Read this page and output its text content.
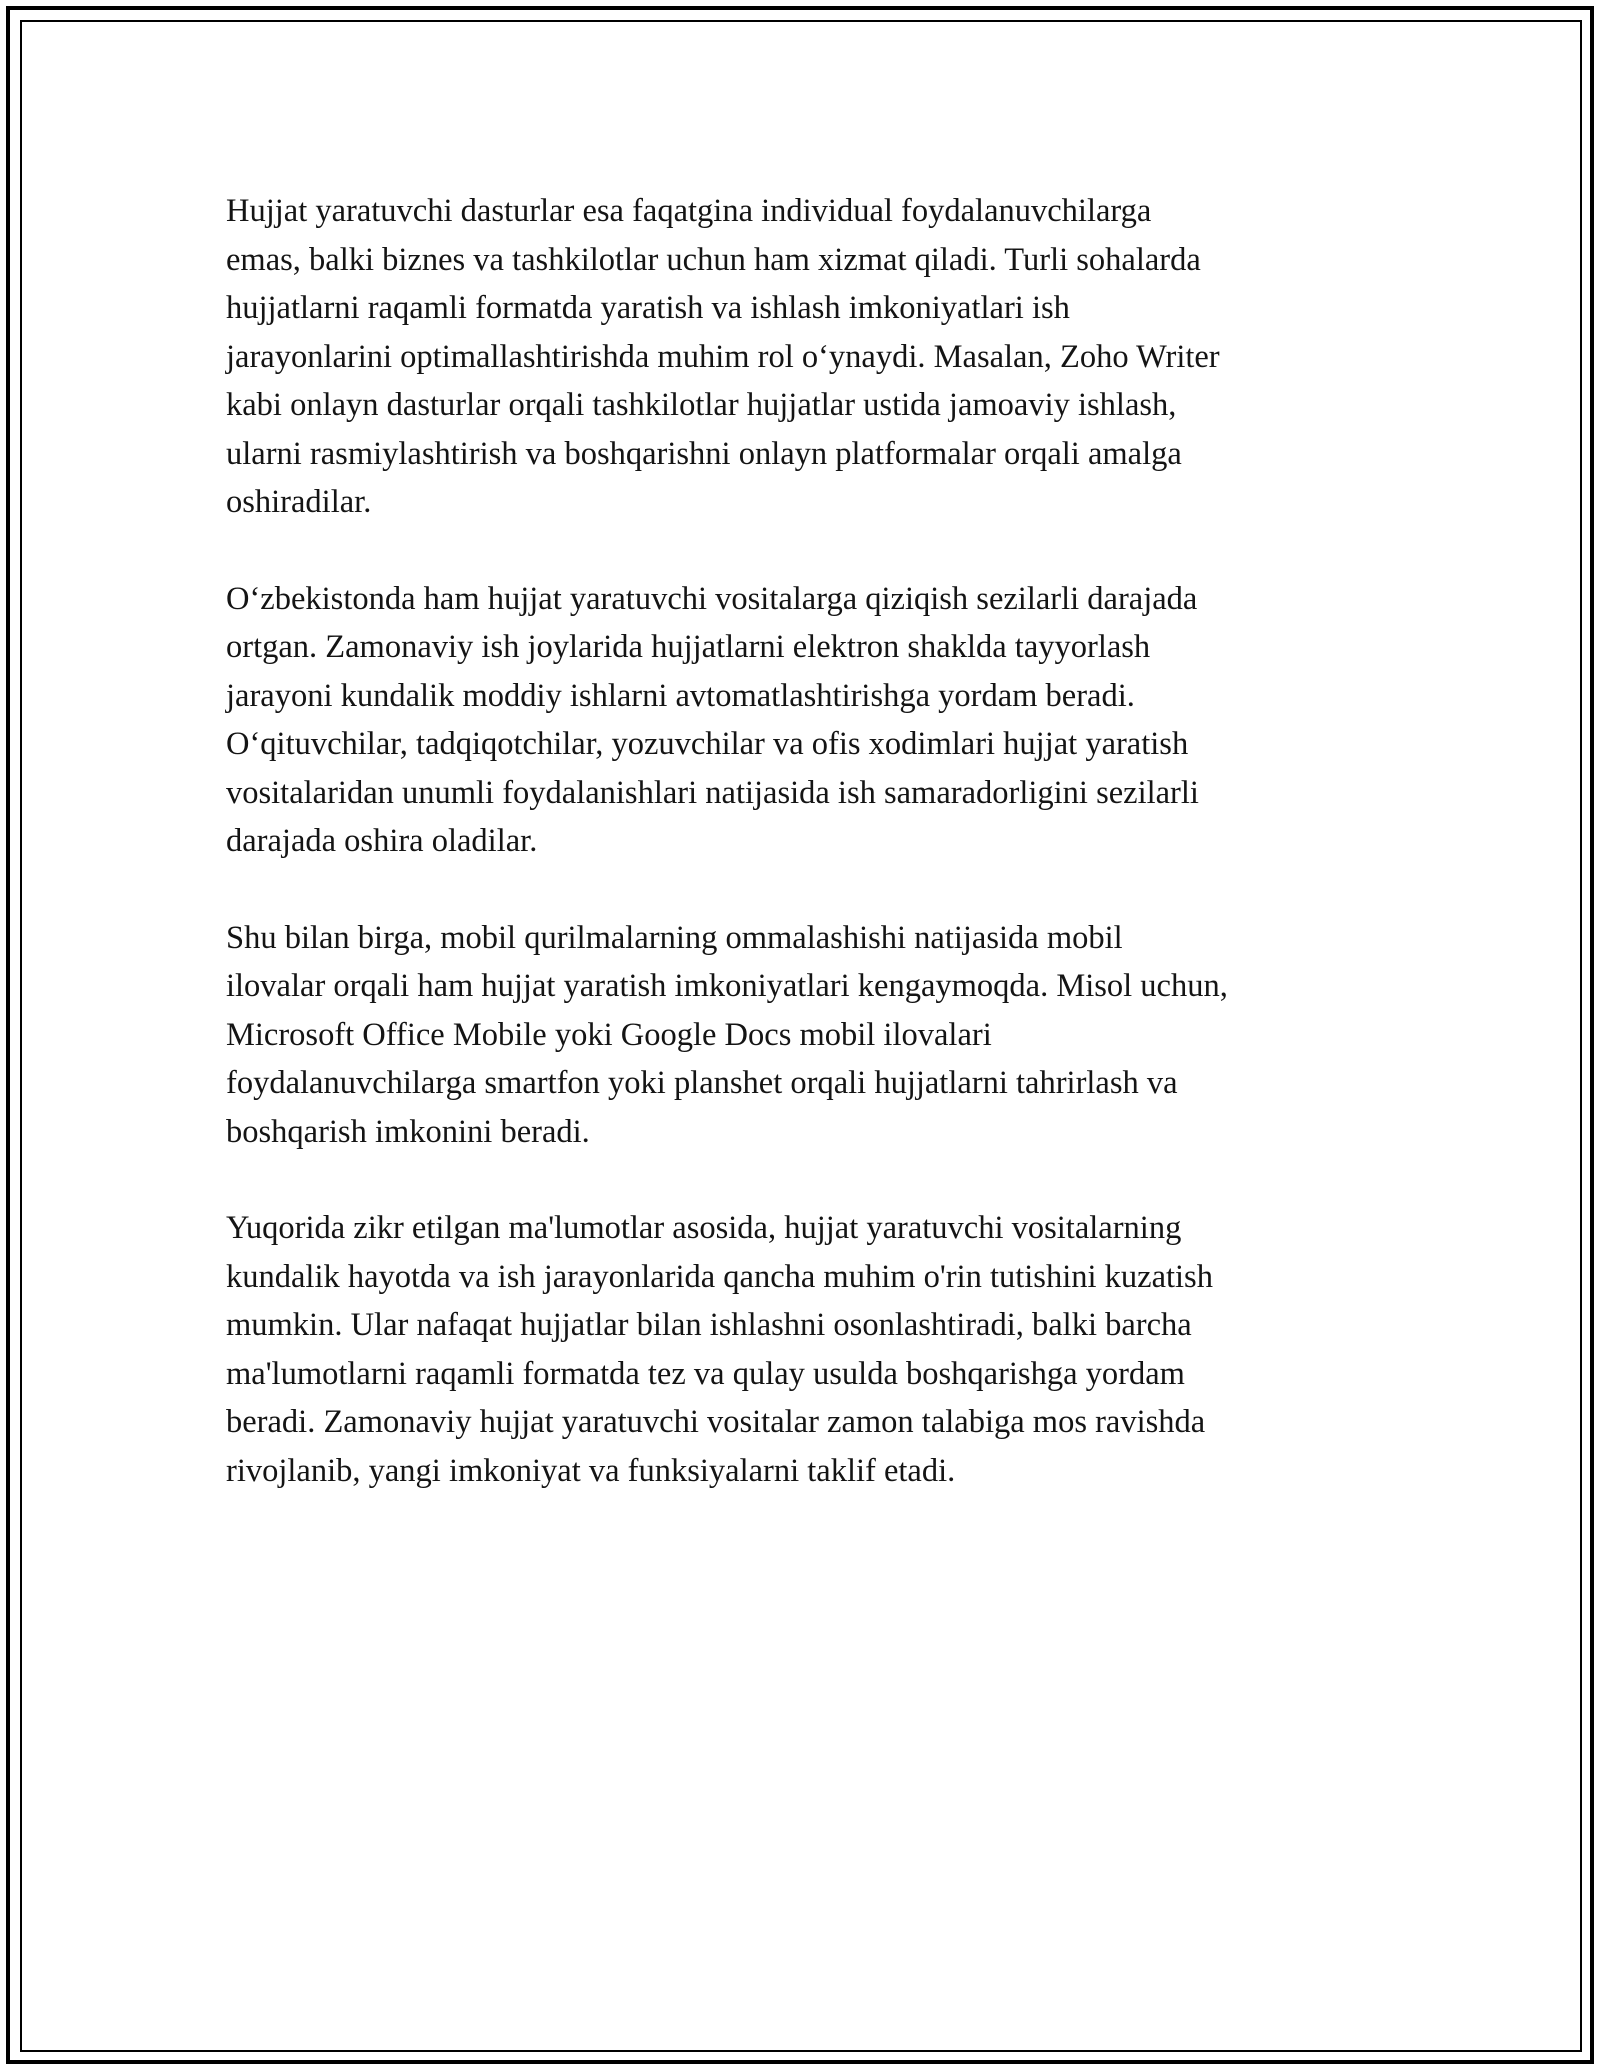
Hujjat yaratuvchi dasturlar esa faqatgina individual foydalanuvchilarga
emas, balki biznes va tashkilotlar uchun ham xizmat qiladi. Turli sohalarda
hujjatlarni raqamli formatda yaratish va ishlash imkoniyatlari ish
jarayonlarini optimallashtirishda muhim rol o‘ynaydi. Masalan, Zoho Writer
kabi onlayn dasturlar orqali tashkilotlar hujjatlar ustida jamoaviy ishlash,
ularni rasmiylashtirish va boshqarishni onlayn platformalar orqali amalga
oshiradilar.

O‘zbekistonda ham hujjat yaratuvchi vositalarga qiziqish sezilarli darajada
ortgan. Zamonaviy ish joylarida hujjatlarni elektron shaklda tayyorlash
jarayoni kundalik moddiy ishlarni avtomatlashtirishga yordam beradi.
O‘qituvchilar, tadqiqotchilar, yozuvchilar va ofis xodimlari hujjat yaratish
vositalaridan unumli foydalanishlari natijasida ish samaradorligini sezilarli
darajada oshira oladilar.

Shu bilan birga, mobil qurilmalarning ommalashishi natijasida mobil
ilovalar orqali ham hujjat yaratish imkoniyatlari kengaymoqda. Misol uchun,
Microsoft Office Mobile yoki Google Docs mobil ilovalari
foydalanuvchilarga smartfon yoki planshet orqali hujjatlarni tahrirlash va
boshqarish imkonini beradi.

Yuqorida zikr etilgan ma'lumotlar asosida, hujjat yaratuvchi vositalarning
kundalik hayotda va ish jarayonlarida qancha muhim o'rin tutishini kuzatish
mumkin. Ular nafaqat hujjatlar bilan ishlashni osonlashtiradi, balki barcha
ma'lumotlarni raqamli formatda tez va qulay usulda boshqarishga yordam
beradi. Zamonaviy hujjat yaratuvchi vositalar zamon talabiga mos ravishda
rivojlanib, yangi imkoniyat va funksiyalarni taklif etadi.
